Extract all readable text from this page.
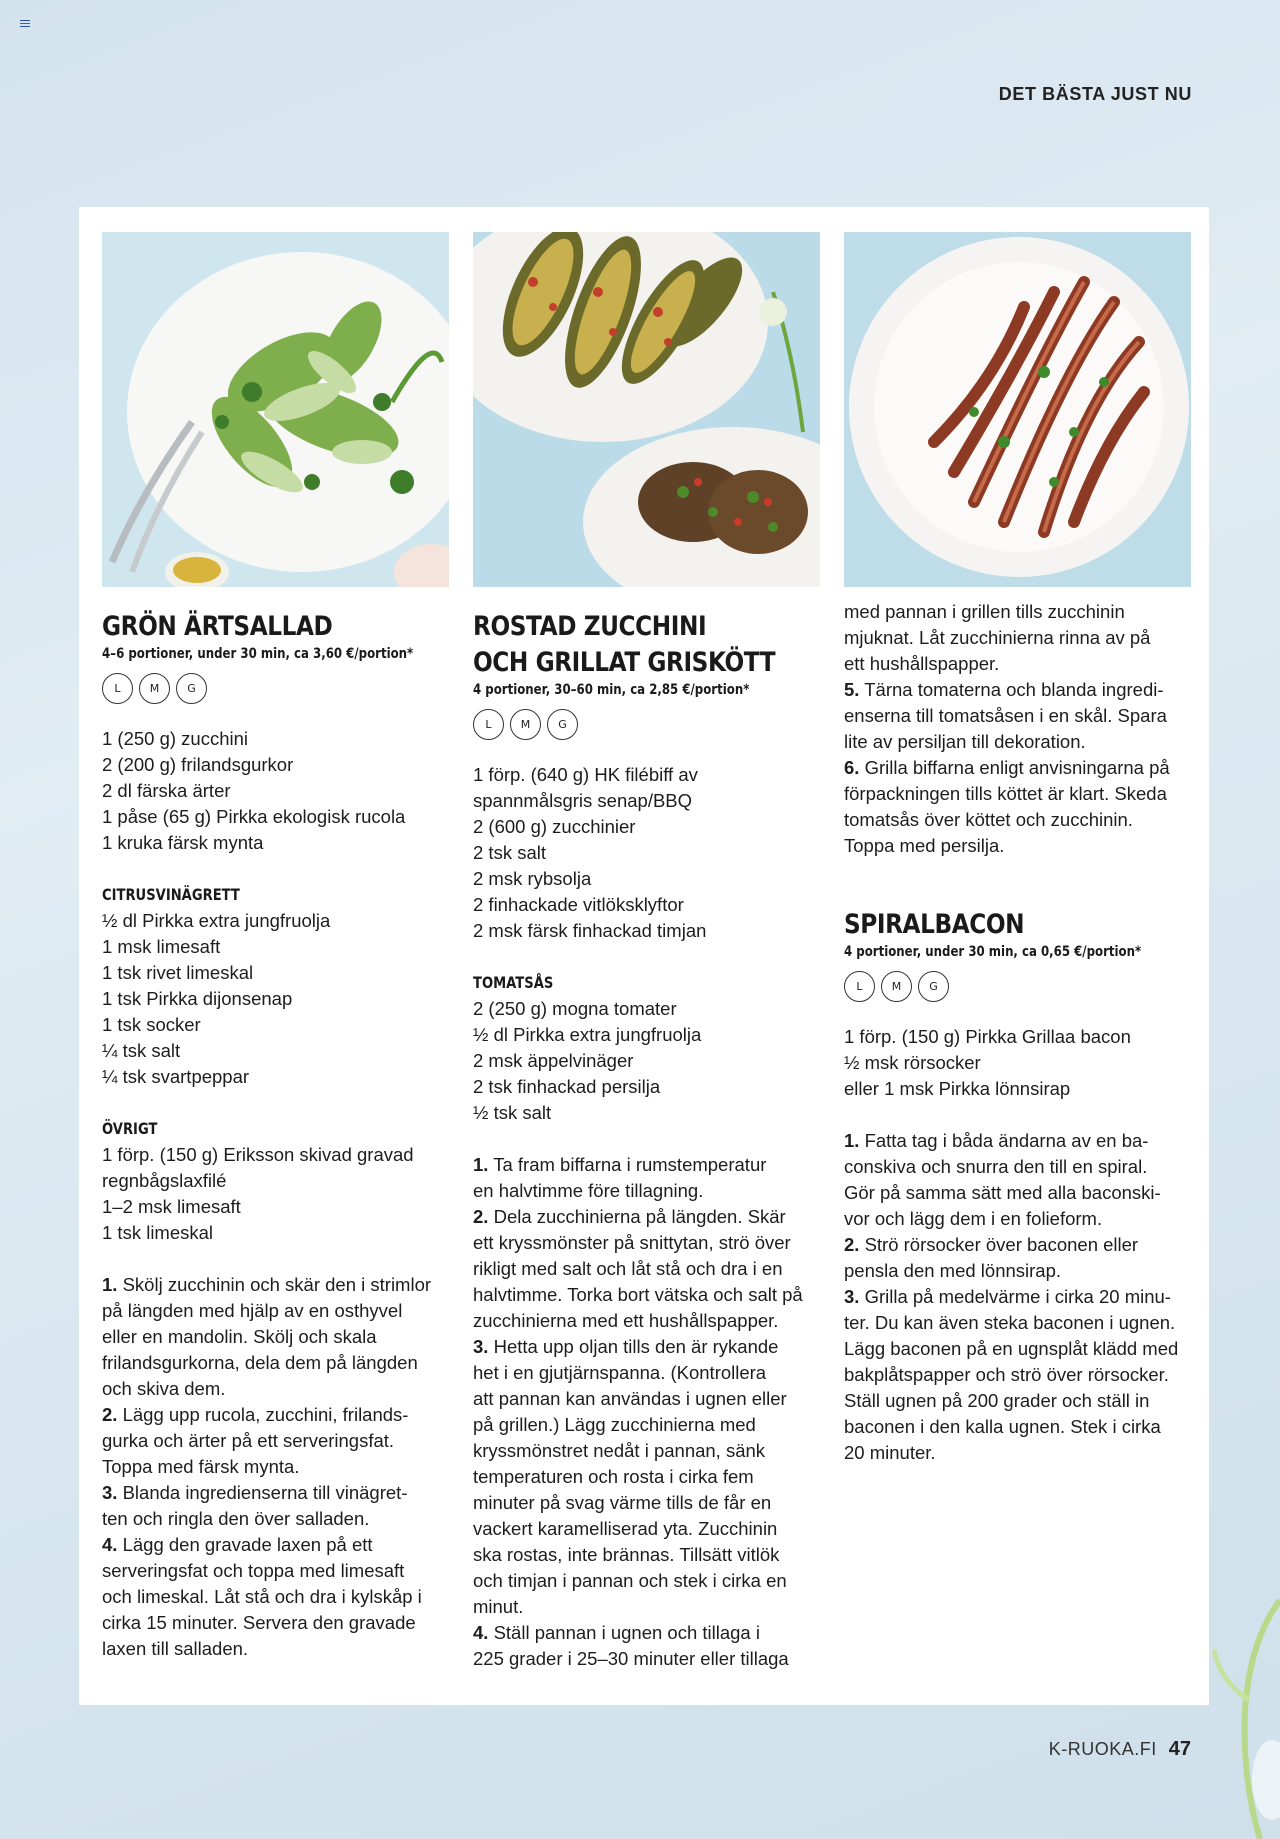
DET BÄSTA JUST NU
GRÖN ÄRTSALLAD
4–6 portioner, under 30 min, ca 3,60 €/portion*
L	M	G
1 (250 g) zucchini
2 (200 g) frilandsgurkor
2 dl färska ärter
1 påse (65 g) Pirkka ekologisk rucola
1 kruka färsk mynta
CITRUSVINÄGRETT
½ dl Pirkka extra jungfruolja
1 msk limesaft
1 tsk rivet limeskal
1 tsk Pirkka dijonsenap
1 tsk socker
¼ tsk salt
¼ tsk svartpeppar
ÖVRIGT
1 förp. (150 g) Eriksson skivad gravad
regnbågslaxfilé
1–2 msk limesaft
1 tsk limeskal
1. Skölj zucchinin och skär den i strimlor
på längden med hjälp av en osthyvel
eller en mandolin. Skölj och skala
frilandsgurkorna, dela dem på längden
och skiva dem.
2. Lägg upp rucola, zucchini, frilands-
gurka och ärter på ett serveringsfat.
Toppa med färsk mynta.
3. Blanda ingredienserna till vinägret-
ten och ringla den över salladen.
4. Lägg den gravade laxen på ett
serveringsfat och toppa med limesaft
och limeskal. Låt stå och dra i kylskåp i
cirka 15 minuter. Servera den gravade
laxen till salladen.
ROSTAD ZUCCHINI
OCH GRILLAT GRISKÖTT
4 portioner, 30–60 min, ca 2,85 €/portion*
L	M	G
1 förp. (640 g) HK filébiff av
spannmålsgris senap/BBQ
2 (600 g) zucchinier
2 tsk salt
2 msk rybsolja
2 finhackade vitlöksklyftor
2 msk färsk finhackad timjan
TOMATSÅS
2 (250 g) mogna tomater
½ dl Pirkka extra jungfruolja
2 msk äppelvinäger
2 tsk finhackad persilja
½ tsk salt
1. Ta fram biffarna i rumstemperatur
en halvtimme före tillagning.
2. Dela zucchinierna på längden. Skär
ett kryssmönster på snittytan, strö över
rikligt med salt och låt stå och dra i en
halvtimme. Torka bort vätska och salt på
zucchinierna med ett hushållspapper.
3. Hetta upp oljan tills den är rykande
het i en gjutjärnspanna. (Kontrollera
att pannan kan användas i ugnen eller
på grillen.) Lägg zucchinierna med
kryssmönstret nedåt i pannan, sänk
temperaturen och rosta i cirka fem
minuter på svag värme tills de får en
vackert karamelliserad yta. Zucchinin
ska rostas, inte brännas. Tillsätt vitlök
och timjan i pannan och stek i cirka en
minut.
4. Ställ pannan i ugnen och tillaga i
225 grader i 25–30 minuter eller tillaga
med pannan i grillen tills zucchinin
mjuknat. Låt zucchinierna rinna av på
ett hushållspapper.
5. Tärna tomaterna och blanda ingredi-
enserna till tomatsåsen i en skål. Spara
lite av persiljan till dekoration.
6. Grilla biffarna enligt anvisningarna på
förpackningen tills köttet är klart. Skeda
tomatsås över köttet och zucchinin.
Toppa med persilja.
SPIRALBACON
4 portioner, under 30 min, ca 0,65 €/portion*
L	M	G
1 förp. (150 g) Pirkka Grillaa bacon
½ msk rörsocker
eller 1 msk Pirkka lönnsirap
1. Fatta tag i båda ändarna av en ba-
conskiva och snurra den till en spiral.
Gör på samma sätt med alla baconski-
vor och lägg dem i en folieform.
2. Strö rörsocker över baconen eller
pensla den med lönnsirap.
3. Grilla på medelvärme i cirka 20 minu-
ter. Du kan även steka baconen i ugnen.
Lägg baconen på en ugnsplåt klädd med
bakplåtspapper och strö över rörsocker.
Ställ ugnen på 200 grader och ställ in
baconen i den kalla ugnen. Stek i cirka
20 minuter.
K-RUOKA.FI 47
